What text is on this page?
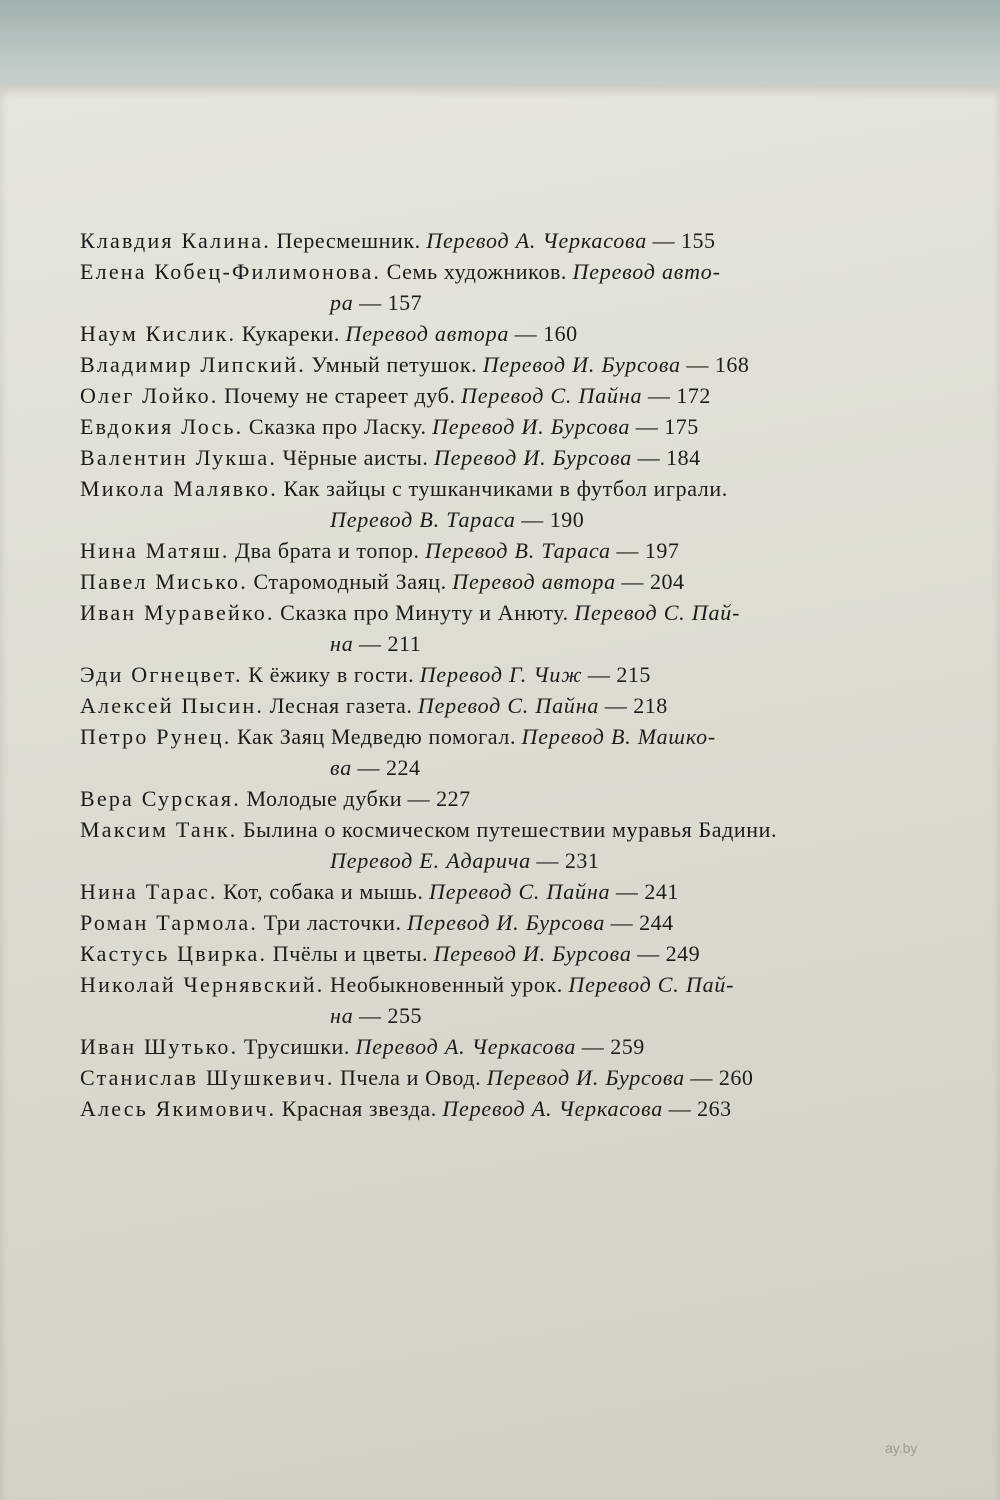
Клавдия Калина. Пересмешник. Перевод А. Черкасова — 155
Елена Кобец-Филимонова. Семь художников. Перевод авто-
ра — 157
Наум Кислик. Кукареки. Перевод автора — 160
Владимир Липский. Умный петушок. Перевод И. Бурсова — 168
Олег Лойко. Почему не стареет дуб. Перевод С. Пайна — 172
Евдокия Лось. Сказка про Ласку. Перевод И. Бурсова — 175
Валентин Лукша. Чёрные аисты. Перевод И. Бурсова — 184
Микола Малявко. Как зайцы с тушканчиками в футбол играли.
Перевод В. Тараса — 190
Нина Матяш. Два брата и топор. Перевод В. Тараса — 197
Павел Мисько. Старомодный Заяц. Перевод автора — 204
Иван Муравейко. Сказка про Минуту и Анюту. Перевод С. Пай-
на — 211
Эди Огнецвет. К ёжику в гости. Перевод Г. Чиж — 215
Алексей Пысин. Лесная газета. Перевод С. Пайна — 218
Петро Рунец. Как Заяц Медведю помогал. Перевод В. Машко-
ва — 224
Вера Сурская. Молодые дубки — 227
Максим Танк. Былина о космическом путешествии муравья Бадини.
Перевод Е. Адарича — 231
Нина Тарас. Кот, собака и мышь. Перевод С. Пайна — 241
Роман Тармола. Три ласточки. Перевод И. Бурсова — 244
Кастусь Цвирка. Пчёлы и цветы. Перевод И. Бурсова — 249
Николай Чернявский. Необыкновенный урок. Перевод С. Пай-
на — 255
Иван Шутько. Трусишки. Перевод А. Черкасова — 259
Станислав Шушкевич. Пчела и Овод. Перевод И. Бурсова — 260
Алесь Якимович. Красная звезда. Перевод А. Черкасова — 263
ay.by
